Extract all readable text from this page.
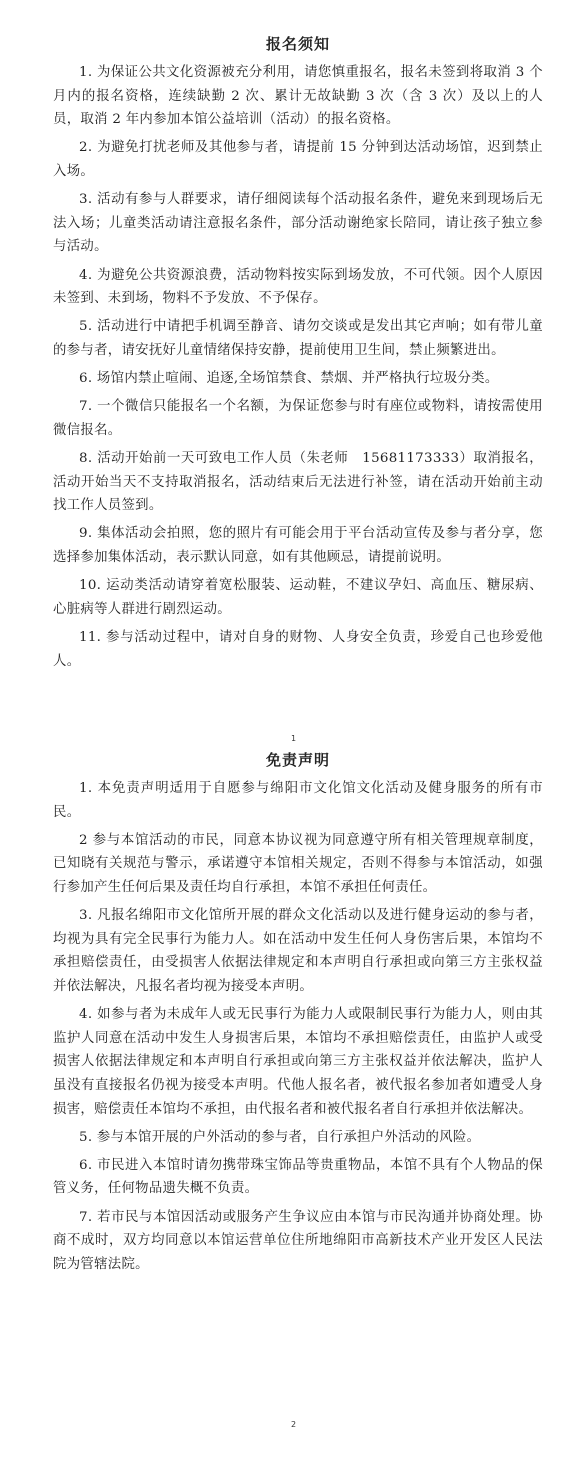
报名须知

1. 为保证公共文化资源被充分利用，请您慎重报名，报名未签到将取消 3 个月内的报名资格，连续缺勤 2 次、累计无故缺勤 3 次（含 3 次）及以上的人员，取消 2 年内参加本馆公益培训（活动）的报名资格。

2. 为避免打扰老师及其他参与者，请提前 15 分钟到达活动场馆，迟到禁止入场。

3. 活动有参与人群要求，请仔细阅读每个活动报名条件，避免来到现场后无法入场；儿童类活动请注意报名条件，部分活动谢绝家长陪同，请让孩子独立参与活动。

4. 为避免公共资源浪费，活动物料按实际到场发放，不可代领。因个人原因未签到、未到场，物料不予发放、不予保存。

5. 活动进行中请把手机调至静音、请勿交谈或是发出其它声响；如有带儿童的参与者，请安抚好儿童情绪保持安静，提前使用卫生间，禁止频繁进出。

6. 场馆内禁止喧闹、追逐,全场馆禁食、禁烟、并严格执行垃圾分类。

7. 一个微信只能报名一个名额，为保证您参与时有座位或物料，请按需使用微信报名。

8. 活动开始前一天可致电工作人员（朱老师　15681173333）取消报名，活动开始当天不支持取消报名，活动结束后无法进行补签，请在活动开始前主动找工作人员签到。

9. 集体活动会拍照，您的照片有可能会用于平台活动宣传及参与者分享，您选择参加集体活动，表示默认同意，如有其他顾忌，请提前说明。

10. 运动类活动请穿着宽松服装、运动鞋，不建议孕妇、高血压、糖尿病、心脏病等人群进行剧烈运动。

11. 参与活动过程中，请对自身的财物、人身安全负责，珍爱自己也珍爱他人。

1
免责声明

1. 本免责声明适用于自愿参与绵阳市文化馆文化活动及健身服务的所有市民。

2 参与本馆活动的市民，同意本协议视为同意遵守所有相关管理规章制度，已知晓有关规范与警示，承诺遵守本馆相关规定，否则不得参与本馆活动，如强行参加产生任何后果及责任均自行承担，本馆不承担任何责任。

3. 凡报名绵阳市文化馆所开展的群众文化活动以及进行健身运动的参与者，均视为具有完全民事行为能力人。如在活动中发生任何人身伤害后果，本馆均不承担赔偿责任，由受损害人依据法律规定和本声明自行承担或向第三方主张权益并依法解决，凡报名者均视为接受本声明。

4. 如参与者为未成年人或无民事行为能力人或限制民事行为能力人，则由其监护人同意在活动中发生人身损害后果，本馆均不承担赔偿责任，由监护人或受损害人依据法律规定和本声明自行承担或向第三方主张权益并依法解决，监护人虽没有直接报名仍视为接受本声明。代他人报名者，被代报名参加者如遭受人身损害，赔偿责任本馆均不承担，由代报名者和被代报名者自行承担并依法解决。

5. 参与本馆开展的户外活动的参与者，自行承担户外活动的风险。

6. 市民进入本馆时请勿携带珠宝饰品等贵重物品，本馆不具有个人物品的保管义务，任何物品遗失概不负责。

7. 若市民与本馆因活动或服务产生争议应由本馆与市民沟通并协商处理。协商不成时，双方均同意以本馆运营单位住所地绵阳市高新技术产业开发区人民法院为管辖法院。

2
